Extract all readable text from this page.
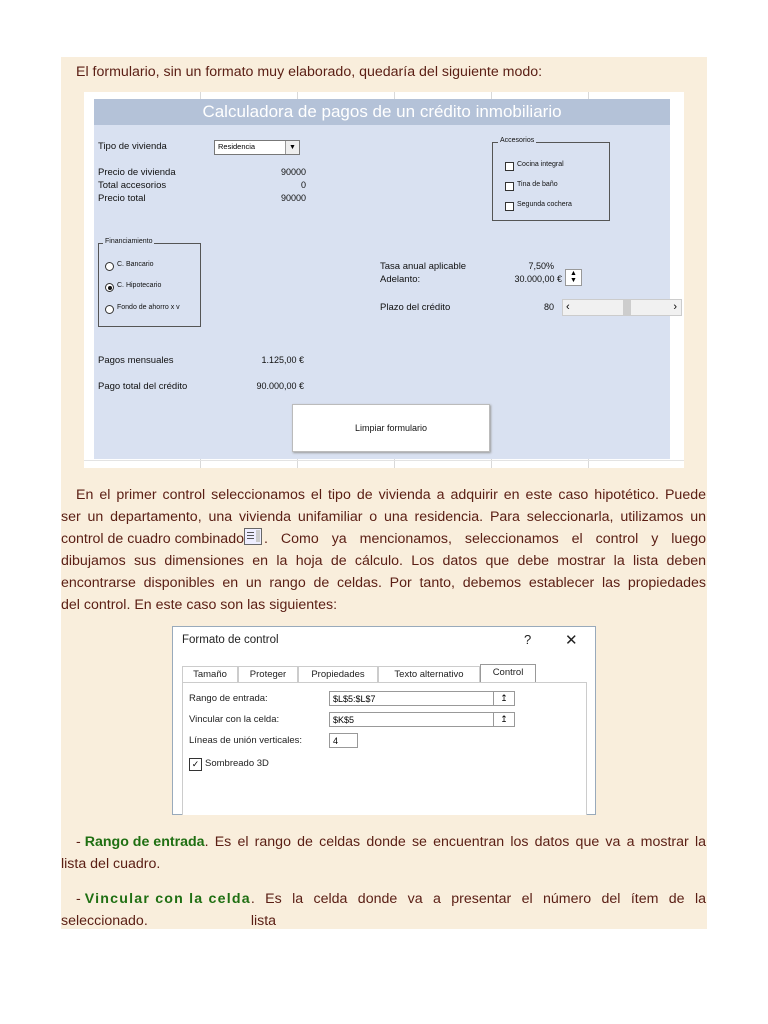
El formulario, sin un formato muy elaborado, quedaría del siguiente modo:

Calculadora de pagos de un crédito inmobiliario
Tipo de vivienda	Residencia	▼
Precio de vivienda	90000
Total accesorios	0
Precio total	90000
Accesorios
Cocina integral
Tina de baño
Segunda cochera
Financiamiento
C. Bancario
C. Hipotecario
Fondo de ahorro x v
Tasa anual aplicable	7,50%
Adelanto:	30.000,00 €
▲
▼
Plazo del crédito	80 ‹	›
Pagos mensuales	1.125,00 €
Pago total del crédito	90.000,00 €
Limpiar formulario

En el primer control seleccionamos el tipo de vivienda a adquirir en este caso hipotético. Puede

ser un departamento, una vivienda unifamiliar o una residencia. Para seleccionarla, utilizamos un

control de cuadro combinado . Como ya mencionamos, seleccionamos el control y luego

dibujamos sus dimensiones en la hoja de cálculo. Los datos que debe mostrar la lista deben

encontrarse disponibles en un rango de celdas. Por tanto, debemos establecer las propiedades

del control. En este caso son las siguientes:

Formato de control	? ✕
Tamaño	Proteger	Propiedades	Texto alternativo	Control
Rango de entrada:	$L$5:$L$7	↥
Vincular con la celda:	$K$5	↥
Líneas de unión verticales:	4
✓ Sombreado 3D

- Rango de entrada . Es el rango de celdas donde se encuentran los datos que va a mostrar la

lista del cuadro.

- Vincular con la celda . Es la celda donde va a presentar el número del ítem de la lista

seleccionado.
